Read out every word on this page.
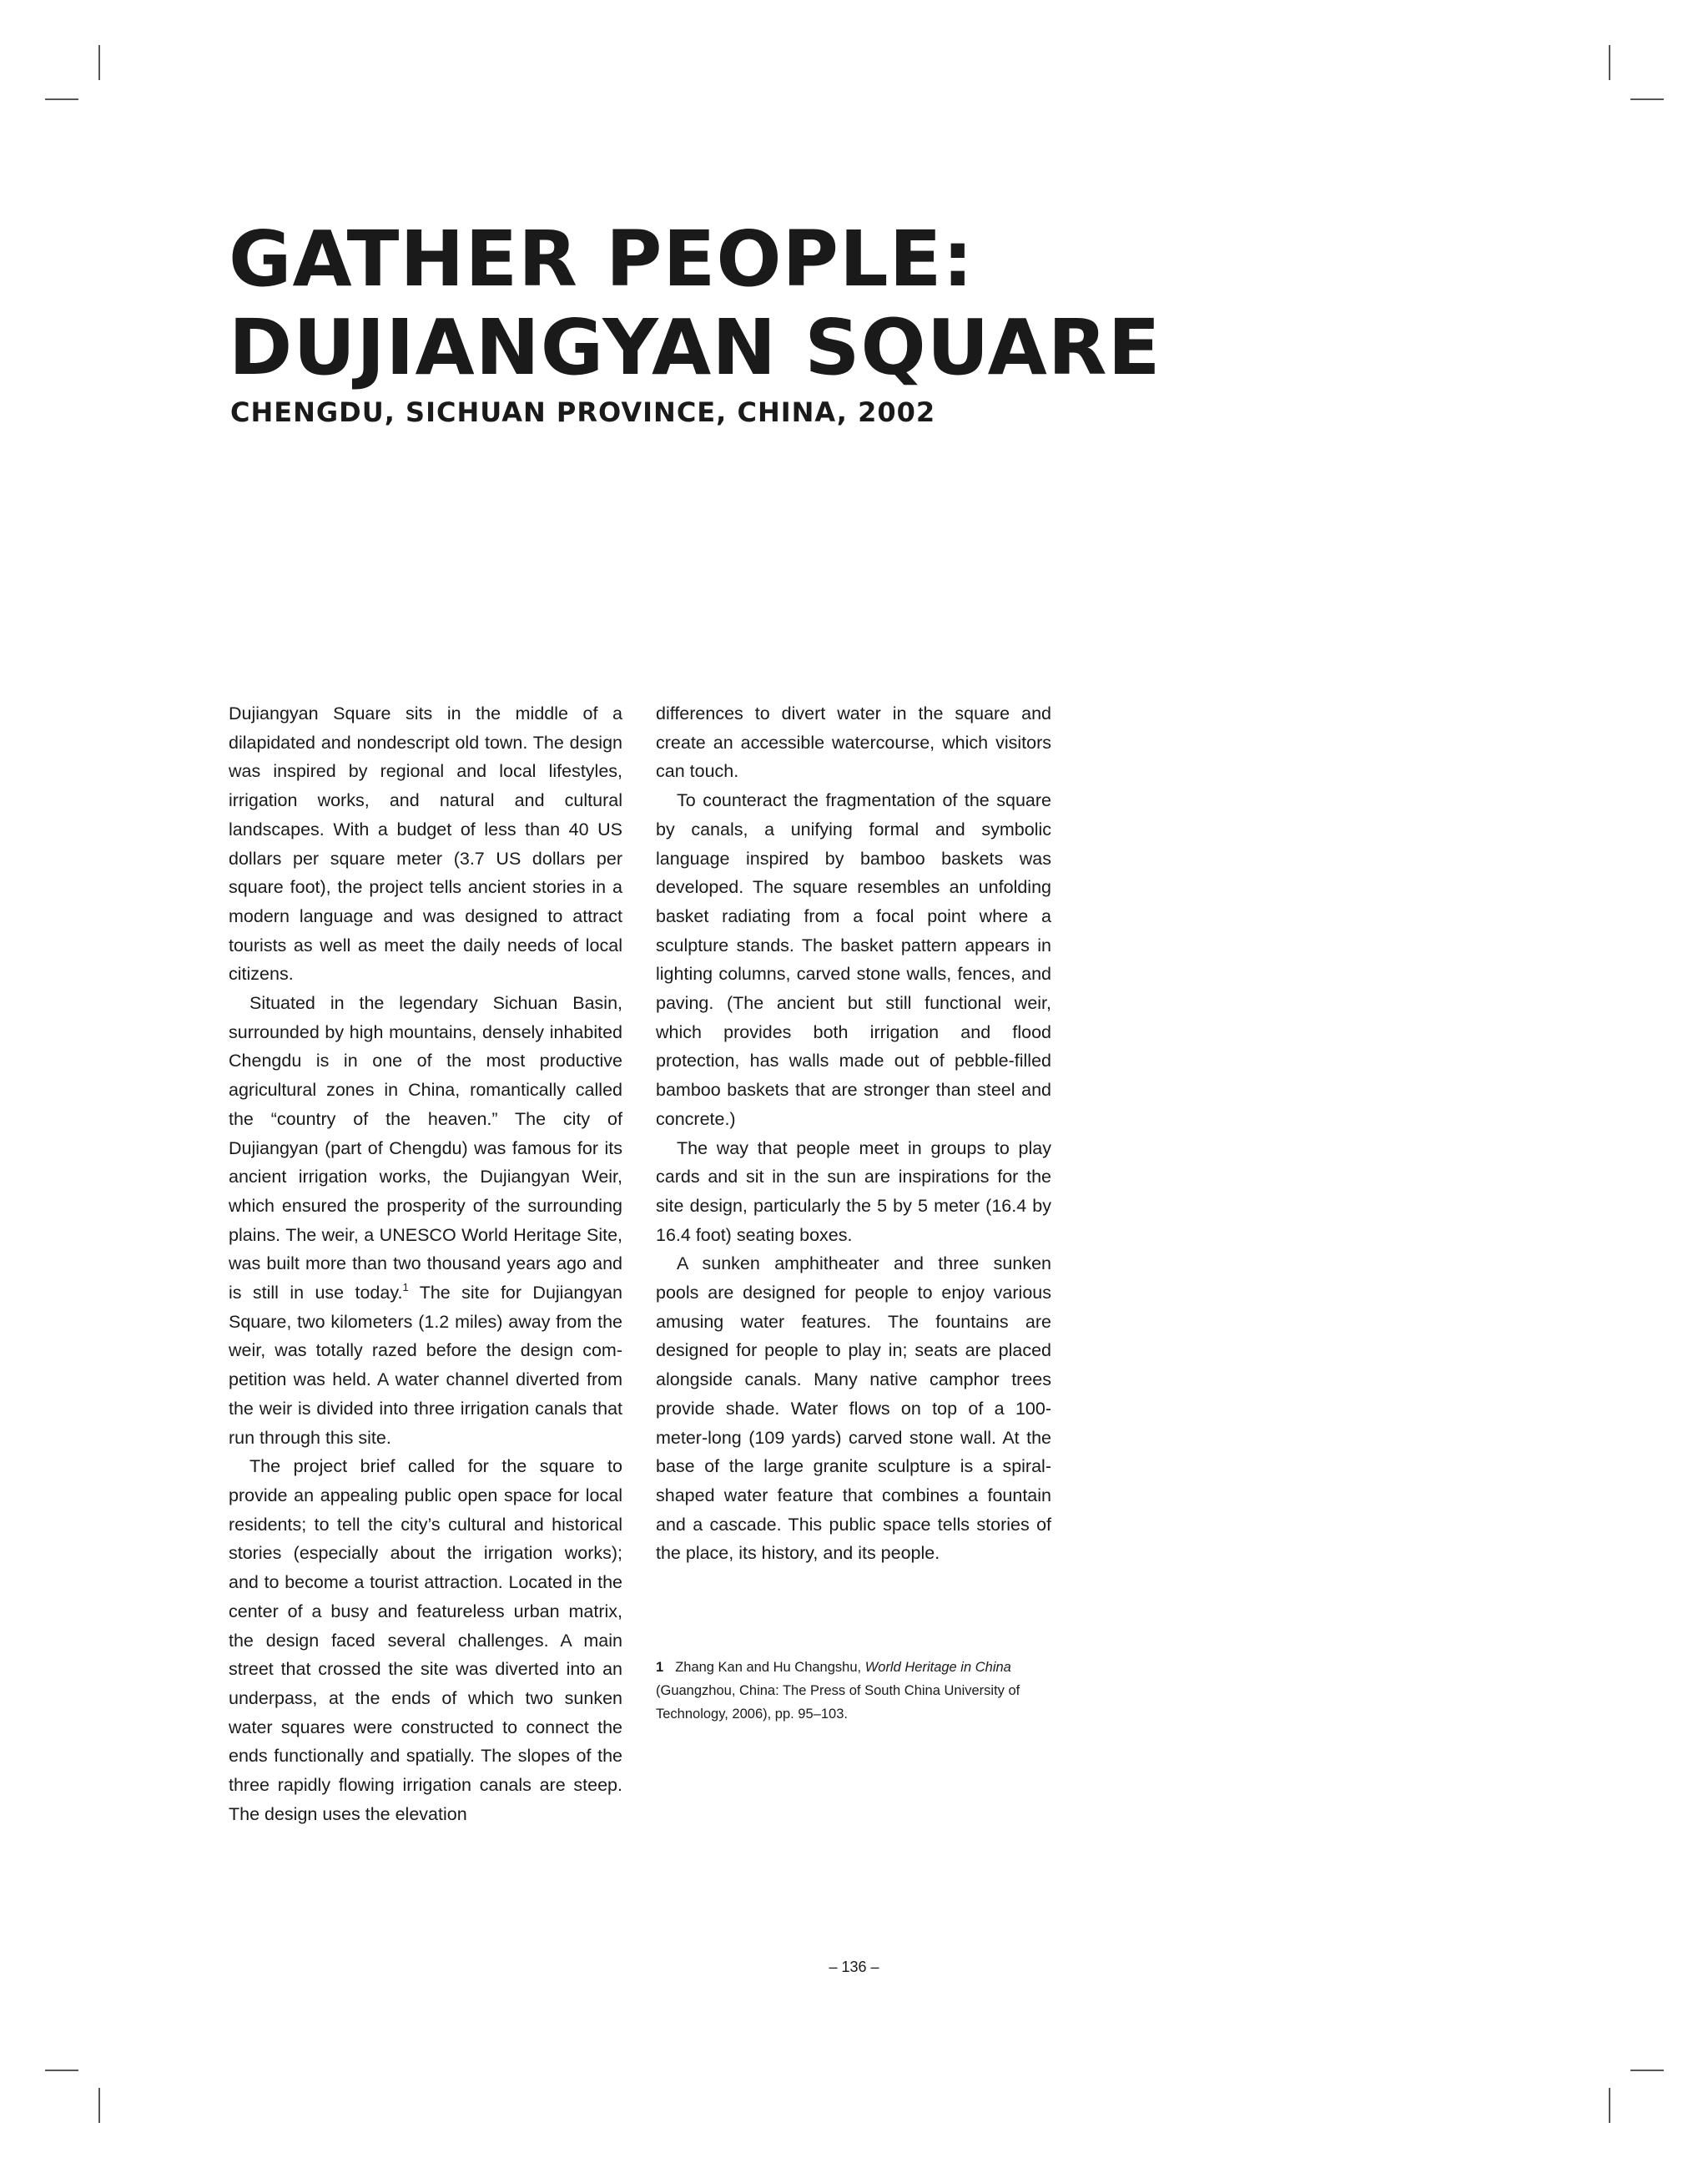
GATHER PEOPLE:
DUJIANGYAN SQUARE
CHENGDU, SICHUAN PROVINCE, CHINA, 2002

Dujiangyan Square sits in the middle of a dilapidated and nondescript old town. The design was inspired by regional and local lifestyles, irrigation works, and natural and cultural landscapes. With a budget of less than 40 US dollars per square meter (3.7 US dollars per square foot), the project tells ancient stories in a modern language and was designed to attract tourists as well as meet the daily needs of local citizens.

Situated in the legendary Sichuan Basin, surrounded by high mountains, densely inhabited Chengdu is in one of the most productive agricultural zones in China, romantically called the “country of the heaven.” The city of Dujiangyan (part of Chengdu) was famous for its ancient irrigation works, the Dujiangyan Weir, which ensured the prosperity of the surrounding plains. The weir, a UNESCO World Heritage Site, was built more than two thousand years ago and is still in use today.$^1$ The site for Dujiangyan Square, two kilometers (1.2 miles) away from the weir, was totally razed before the design competition was held. A water channel diverted from the weir is divided into three irrigation canals that run through this site.

The project brief called for the square to provide an appealing public open space for local residents; to tell the city’s cultural and historical stories (especially about the irrigation works); and to become a tourist attraction. Located in the center of a busy and featureless urban matrix, the design faced several challenges. A main street that crossed the site was diverted into an underpass, at the ends of which two sunken water squares were constructed to connect the ends functionally and spatially. The slopes of the three rapidly flowing irrigation canals are steep. The design uses the elevation

differences to divert water in the square and create an accessible watercourse, which visitors can touch.

To counteract the fragmentation of the square by canals, a unifying formal and symbolic language inspired by bamboo baskets was developed. The square resembles an unfolding basket radiating from a focal point where a sculpture stands. The basket pattern appears in lighting columns, carved stone walls, fences, and paving. (The ancient but still functional weir, which provides both irrigation and flood protection, has walls made out of pebble-filled bamboo baskets that are stronger than steel and concrete.)

The way that people meet in groups to play cards and sit in the sun are inspirations for the site design, particularly the 5 by 5 meter (16.4 by 16.4 foot) seating boxes.

A sunken amphitheater and three sunken pools are designed for people to enjoy various amusing water features. The fountains are designed for people to play in; seats are placed alongside canals. Many native camphor trees provide shade. Water flows on top of a 100-meter-long (109 yards) carved stone wall. At the base of the large granite sculpture is a spiral-shaped water feature that combines a fountain and a cascade. This public space tells stories of the place, its history, and its people.

1 Zhang Kan and Hu Changshu, World Heritage in China (Guangzhou, China: The Press of South China University of Technology, 2006), pp. 95–103.
– 136 –
